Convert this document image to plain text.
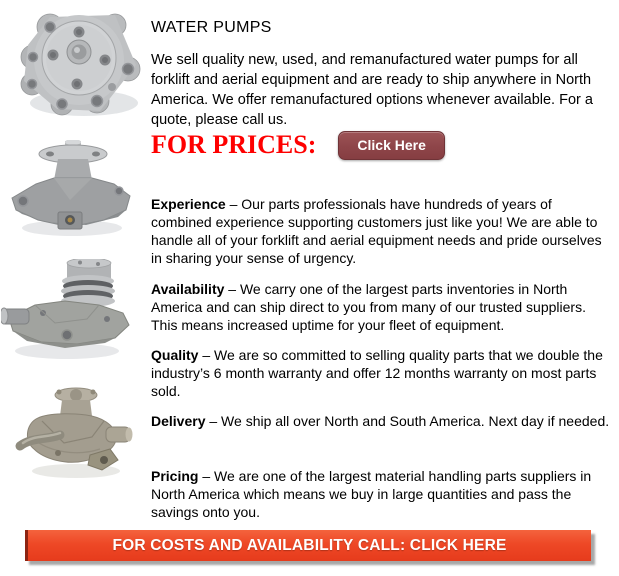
WATER PUMPS

We sell quality new, used, and remanufactured water pumps for all forklift and aerial equipment and are ready to ship anywhere in North America. We offer remanufactured options whenever available. For a quote, please call us.

FOR PRICES:	Click Here

Experience – Our parts professionals have hundreds of years of combined experience supporting customers just like you! We are able to handle all of your forklift and aerial equipment needs and pride ourselves in sharing your sense of urgency.

Availability – We carry one of the largest parts inventories in North America and can ship direct to you from many of our trusted suppliers. This means increased uptime for your fleet of equipment.

Quality – We are so committed to selling quality parts that we double the industry’s 6 month warranty and offer 12 months warranty on most parts sold.

Delivery – We ship all over North and South America. Next day if needed.

Pricing – We are one of the largest material handling parts suppliers in North America which means we buy in large quantities and pass the savings onto you.

FOR COSTS AND AVAILABILITY CALL: CLICK HERE
